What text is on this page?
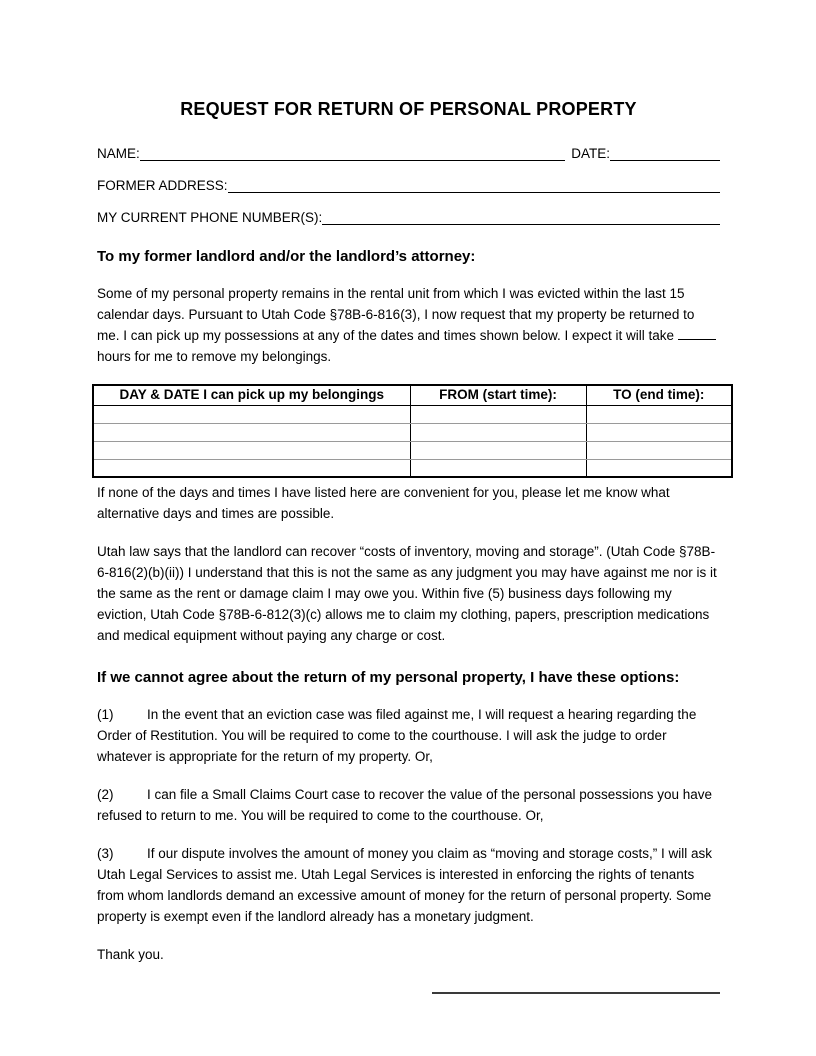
REQUEST FOR RETURN OF PERSONAL PROPERTY
NAME:	DATE:
FORMER ADDRESS:
MY CURRENT PHONE NUMBER(S):
To my former landlord and/or the landlord’s attorney:

Some of my personal property remains in the rental unit from which I was evicted within the last 15 calendar days. Pursuant to Utah Code §78B-6-816(3), I now request that my property be returned to me. I can pick up my possessions at any of the dates and times shown below. I expect it will take  hours for me to remove my belongings.

DAY & DATE I can pick up my belongings	FROM (start time):	TO (end time):

If none of the days and times I have listed here are convenient for you, please let me know what alternative days and times are possible.

Utah law says that the landlord can recover “costs of inventory, moving and storage”. (Utah Code §78B-6-816(2)(b)(ii)) I understand that this is not the same as any judgment you may have against me nor is it the same as the rent or damage claim I may owe you. Within five (5) business days following my eviction, Utah Code §78B-6-812(3)(c) allows me to claim my clothing, papers, prescription medications and medical equipment without paying any charge or cost.

If we cannot agree about the return of my personal property, I have these options:

(1) In the event that an eviction case was filed against me, I will request a hearing regarding the Order of Restitution. You will be required to come to the courthouse. I will ask the judge to order whatever is appropriate for the return of my property. Or,

(2) I can file a Small Claims Court case to recover the value of the personal possessions you have refused to return to me. You will be required to come to the courthouse. Or,

(3) If our dispute involves the amount of money you claim as “moving and storage costs,” I will ask Utah Legal Services to assist me. Utah Legal Services is interested in enforcing the rights of tenants from whom landlords demand an excessive amount of money for the return of personal property. Some property is exempt even if the landlord already has a monetary judgment.

Thank you.
